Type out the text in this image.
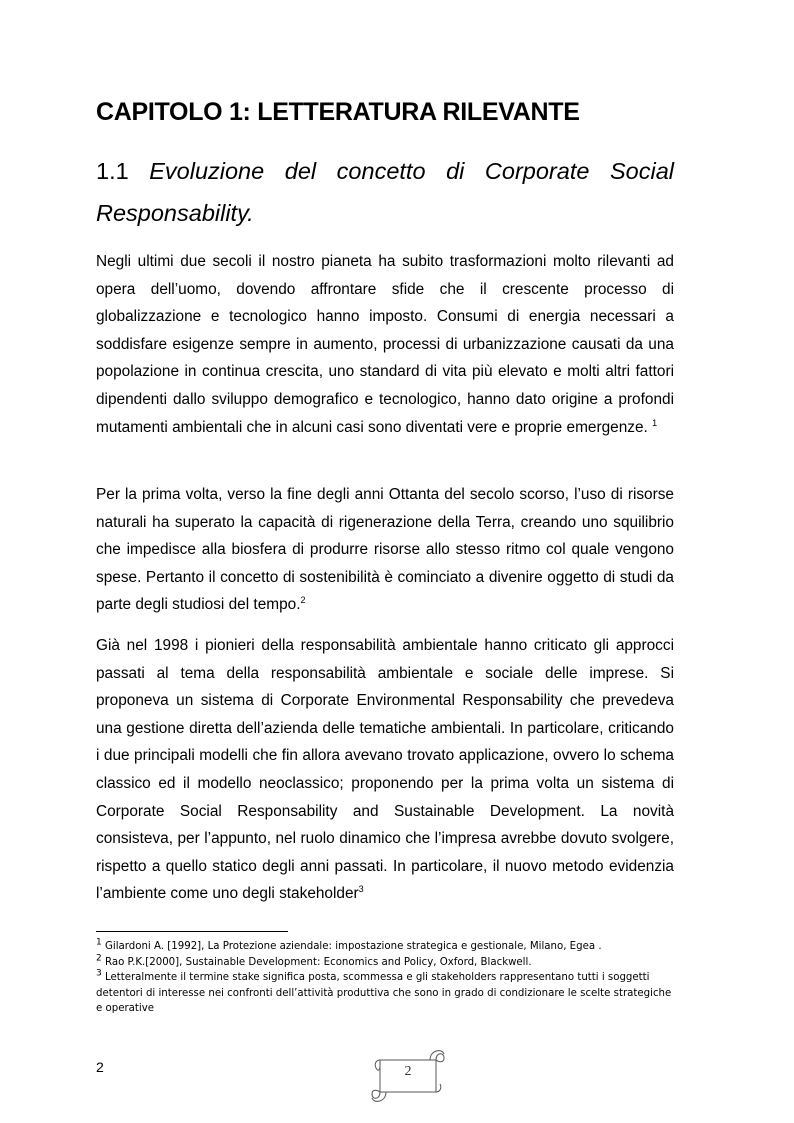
CAPITOLO 1: LETTERATURA RILEVANTE
1.1 Evoluzione del concetto di Corporate Social Responsability.

Negli ultimi due secoli il nostro pianeta ha subito trasformazioni molto rilevanti ad opera dell’uomo, dovendo affrontare sfide che il crescente processo di globalizzazione e tecnologico hanno imposto. Consumi di energia necessari a soddisfare esigenze sempre in aumento, processi di urbanizzazione causati da una popolazione in continua crescita, uno standard di vita più elevato e molti altri fattori dipendenti dallo sviluppo demografico e tecnologico, hanno dato origine a profondi mutamenti ambientali che in alcuni casi sono diventati vere e proprie emergenze. $^1$

Per la prima volta, verso la fine degli anni Ottanta del secolo scorso, l’uso di risorse naturali ha superato la capacità di rigenerazione della Terra, creando uno squilibrio che impedisce alla biosfera di produrre risorse allo stesso ritmo col quale vengono spese. Pertanto il concetto di sostenibilità è cominciato a divenire oggetto di studi da parte degli studiosi del tempo.$^2$

Già nel 1998 i pionieri della responsabilità ambientale hanno criticato gli approcci passati al tema della responsabilità ambientale e sociale delle imprese. Si proponeva un sistema di Corporate Environmental Responsability che prevedeva una gestione diretta dell’azienda delle tematiche ambientali. In particolare, criticando i due principali modelli che fin allora avevano trovato applicazione, ovvero lo schema classico ed il modello neoclassico; proponendo per la prima volta un sistema di Corporate Social Responsability and Sustainable Development. La novità consisteva, per l’appunto, nel ruolo dinamico che l’impresa avrebbe dovuto svolgere, rispetto a quello statico degli anni passati. In particolare, il nuovo metodo evidenzia l’ambiente come uno degli stakeholder$^3$

$^1$ Gilardoni A. [1992], La Protezione aziendale: impostazione strategica e gestionale, Milano, Egea .

$^2$ Rao P.K.[2000], Sustainable Development: Economics and Policy, Oxford, Blackwell.

$^3$ Letteralmente il termine stake significa posta, scommessa e gli stakeholders rappresentano tutti i soggetti detentori di interesse nei confronti dell’attività produttiva che sono in grado di condizionare le scelte strategiche e operative

2	2
